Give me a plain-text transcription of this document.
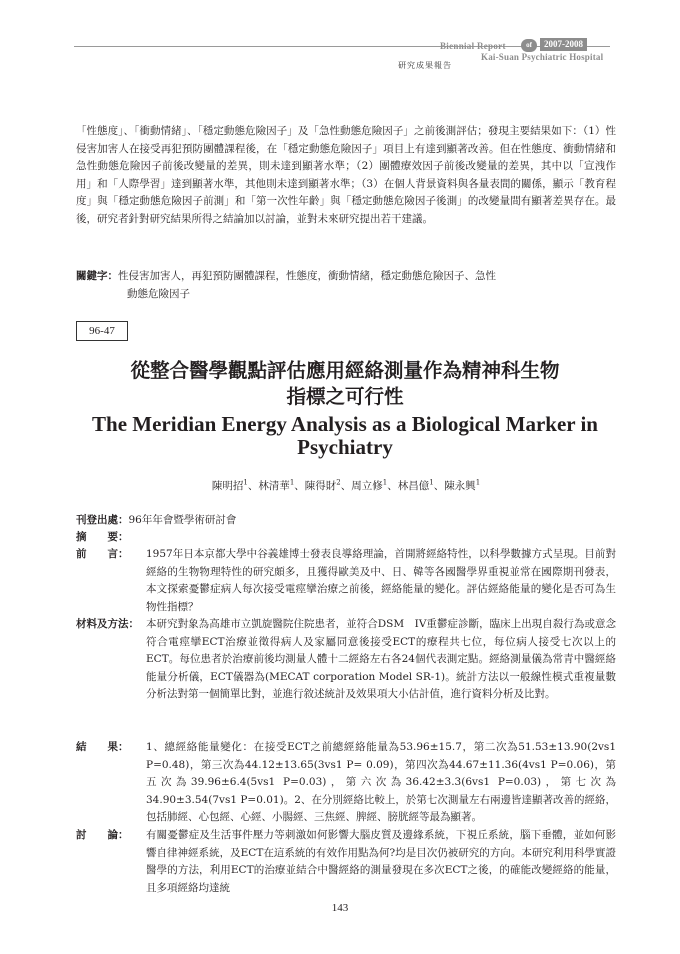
Biennial Report	of	2007-2008
Kai-Suan Psychiatric Hospital
研究成果報告
「性態度」、「衝動情緒」、「穩定動態危險因子」及「急性動態危險因子」之前後測評估；發現主要結果如下：（1）性侵害加害人在接受再犯預防團體課程後，在「穩定動態危險因子」項目上有達到顯著改善。但在性態度、衝動情緒和急性動態危險因子前後改變量的差異，則未達到顯著水準；（2）團體療效因子前後改變量的差異，其中以「宣洩作用」和「人際學習」達到顯著水準，其他則未達到顯著水準；（3）在個人背景資料與各量表間的關係，顯示「教育程度」與「穩定動態危險因子前測」和「第一次性年齡」與「穩定動態危險因子後測」的改變量間有顯著差異存在。最後，研究者針對研究結果所得之結論加以討論，並對未來研究提出若干建議。
關鍵字：性侵害加害人，再犯預防團體課程，性態度，衝動情緒，穩定動態危險因子、急性
動態危險因子
96-47
從整合醫學觀點評估應用經絡測量作為精神科生物
指標之可行性
The Meridian Energy Analysis as a Biological Marker in
Psychiatry
陳明招$^1$、林清華$^1$、陳得財$^2$、周立修$^1$、林昌億$^1$、陳永興$^1$
刊登出處：96年年會暨學術研討會
摘　　要：
前　　言： 1957年日本京都大學中谷義雄博士發表良導絡理論，首開將經絡特性，以科學數據方式呈現。目前對經絡的生物物理特性的研究頗多，且獲得歐美及中、日、韓等各國醫學界重視並常在國際期刊發表，本文探索憂鬱症病人每次接受電痙攣治療之前後，經絡能量的變化。評估經絡能量的變化是否可為生物性指標？
材料及方法： 本研究對象為高雄市立凱旋醫院住院患者，並符合DSM　IV重鬱症診斷，臨床上出現自殺行為或意念符合電痙攣ECT治療並徵得病人及家屬同意後接受ECT的療程共七位，每位病人接受七次以上的ECT。每位患者於治療前後均測量人體十二經絡左右各24個代表測定點。經絡測量儀為常青中醫經絡能量分析儀，ECT儀器為(MECAT corporation Model SR-1)。統計方法以一般線性模式重複量數分析法對第一個簡單比對，並進行敘述統計及效果項大小估計值，進行資料分析及比對。
結　　果： 1、總經絡能量變化：在接受ECT之前總經絡能量為53.96±15.7，第二次為51.53±13.90(2vs1 P=0.48)，第三次為44.12±13.65(3vs1 P= 0.09)，第四次為44.67±11.36(4vs1 P=0.06)，第五次為39.96±6.4(5vs1 P=0.03)，第六次為36.42±3.3(6vs1 P=0.03)，第七次為34.90±3.54(7vs1 P=0.01)。2、在分別經絡比較上，於第七次測量左右兩邊皆達顯著改善的經絡，包括肺經、心包經、心經、小腸經、三焦經、脾經、膀胱經等最為顯著。
討　　論： 有關憂鬱症及生活事件壓力等刺激如何影響大腦皮質及邊緣系統，下視丘系統，腦下垂體，並如何影響自律神經系統，及ECT在這系統的有效作用點為何?均是目次仍被研究的方向。本研究利用科學實證醫學的方法，利用ECT的治療並結合中醫經絡的測量發現在多次ECT之後，的確能改變經絡的能量，且多項經絡均達統
143
